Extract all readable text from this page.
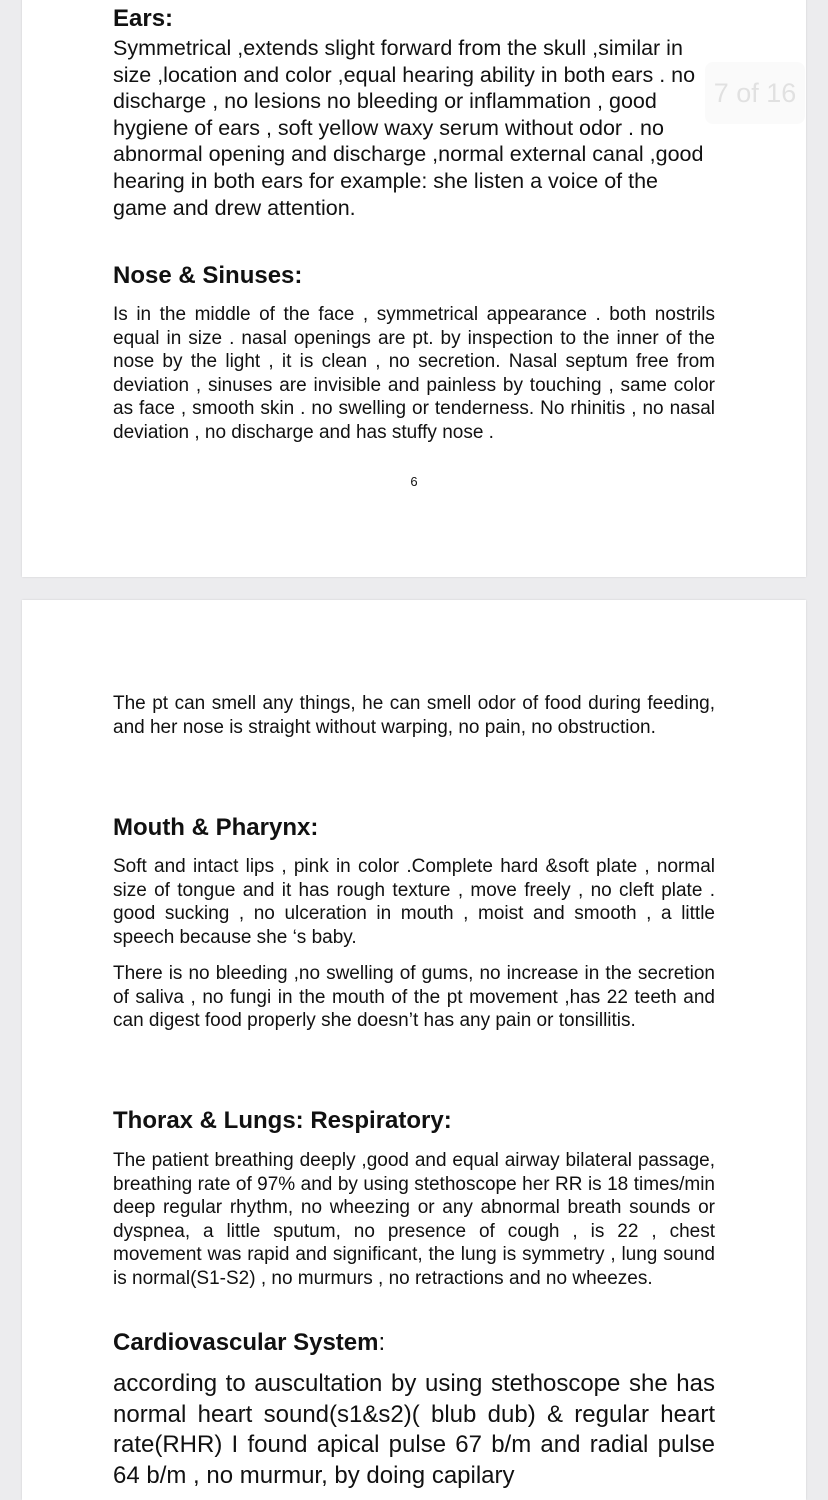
Ears:

Symmetrical ,extends slight forward from the skull ,similar in size ,location and color ,equal hearing ability in both ears . no discharge , no lesions no bleeding or inflammation , good hygiene of ears , soft yellow waxy serum without odor . no abnormal opening and discharge ,normal external canal ,good hearing in both ears for example: she listen a voice of the game and drew attention.

Nose & Sinuses:

Is in the middle of the face , symmetrical appearance . both nostrils equal in size . nasal openings are pt. by inspection to the inner of the nose by the light , it is clean , no secretion. Nasal septum free from deviation , sinuses are invisible and painless by touching , same color as face , smooth skin . no swelling or tenderness. No rhinitis , no nasal deviation , no discharge and has stuffy nose .

6
7 of 16

The pt can smell any things, he can smell odor of food during feeding, and her nose is straight without warping, no pain, no obstruction.

Mouth & Pharynx:

Soft and intact lips , pink in color .Complete hard &soft plate , normal size of tongue and it has rough texture , move freely , no cleft plate . good sucking , no ulceration in mouth , moist and smooth , a little speech because she ‘s baby.

There is no bleeding ,no swelling of gums, no increase in the secretion of saliva , no fungi in the mouth of the pt movement ,has 22 teeth and can digest food properly she doesn’t has any pain or tonsillitis.

Thorax & Lungs: Respiratory:

The patient breathing deeply ,good and equal airway bilateral passage, breathing rate of 97% and by using stethoscope her RR is 18 times/min deep regular rhythm, no wheezing or any abnormal breath sounds or dyspnea, a little sputum, no presence of cough , is 22 , chest movement was rapid and significant, the lung is symmetry , lung sound is normal(S1-S2) , no murmurs , no retractions and no wheezes.

Cardiovascular System:

according to auscultation by using stethoscope she has normal heart sound(s1&s2)( blub dub) & regular heart rate(RHR) I found apical pulse 67 b/m and radial pulse 64 b/m , no murmur, by doing capilary
